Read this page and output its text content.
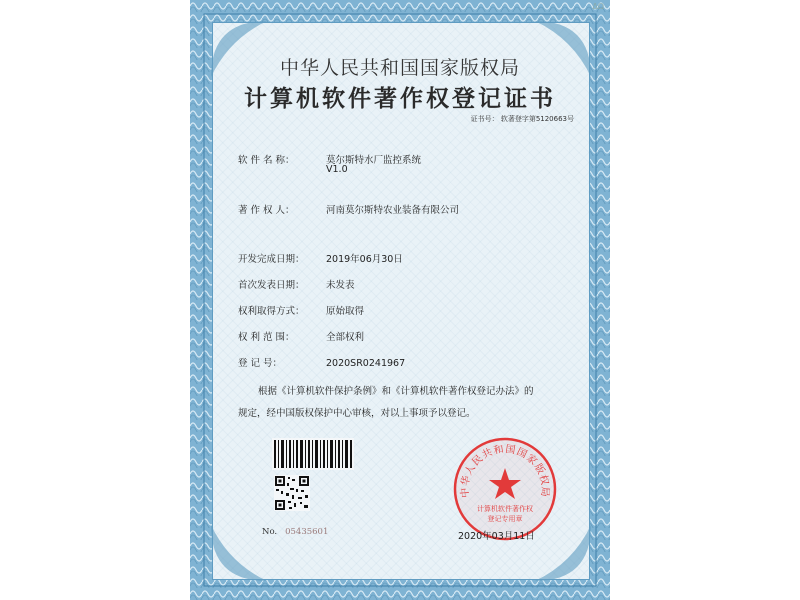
ΔΩ
中华人民共和国国家版权局
计算机软件著作权登记证书
证书号： 软著登字第5120663号
软 件 名 称：	莫尔斯特水厂监控系统
V1.0
著 作 权 人：	河南莫尔斯特农业装备有限公司
开发完成日期： 2019年06月30日
首次发表日期： 未发表
权利取得方式： 原始取得
权 利 范 围：	全部权利
登 记 号：	2020SR0241967
根据《计算机软件保护条例》和《计算机软件著作权登记办法》的
规定，经中国版权保护中心审核，对以上事项予以登记。
No. 05435601
中华人民共和国国家版权局
计算机软件著作权
登记专用章
2020年03月11日
